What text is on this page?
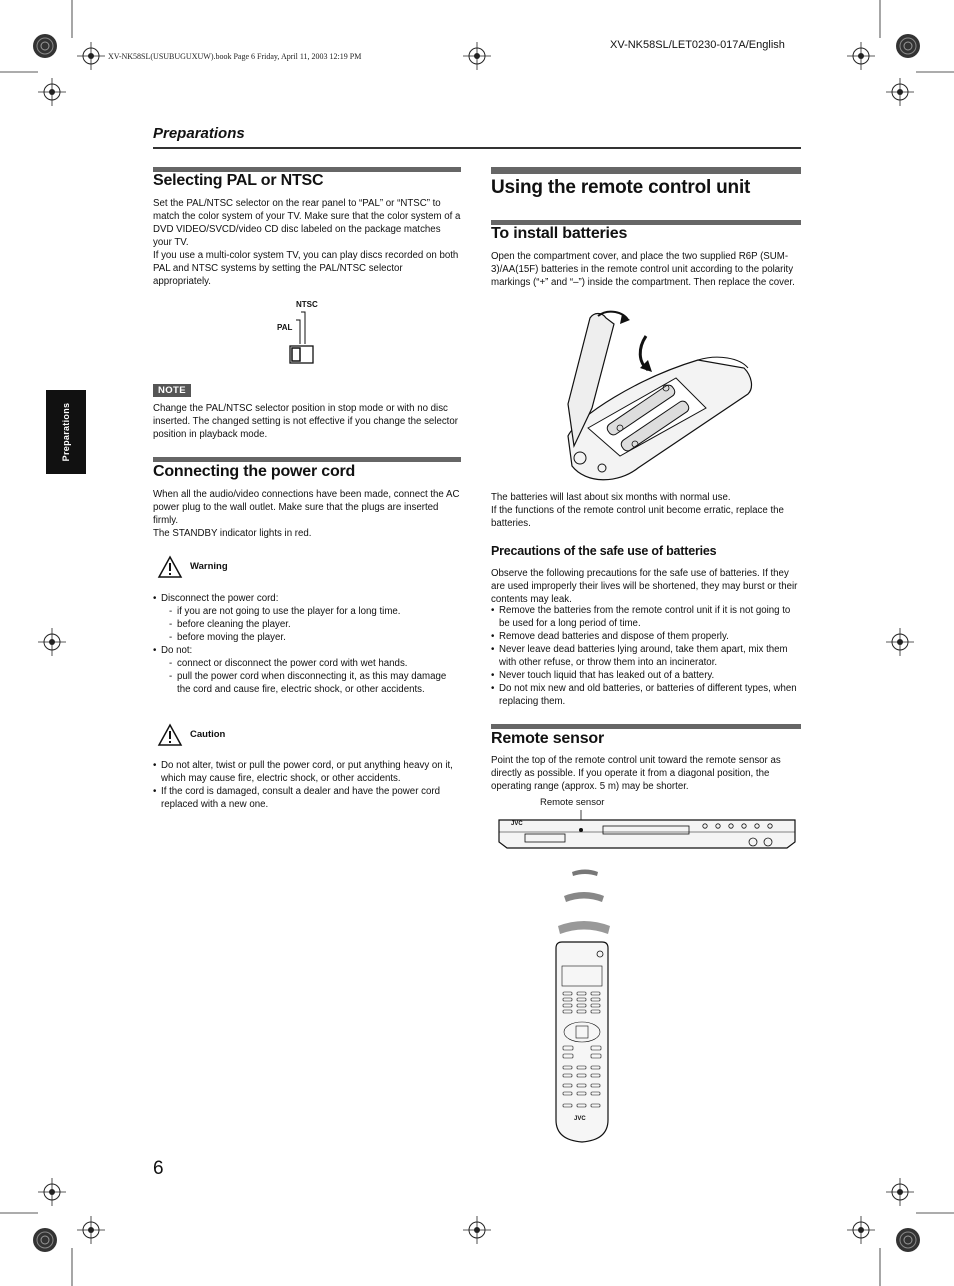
XV-NK58SL(USUBUGUXUW).book Page 6 Friday, April 11, 2003 12:19 PM
XV-NK58SL/LET0230-017A/English
Preparations
Preparations
Selecting PAL or NTSC

Set the PAL/NTSC selector on the rear panel to “PAL” or “NTSC” to match the color system of your TV. Make sure that the color system of a DVD VIDEO/SVCD/video CD disc labeled on the package matches your TV.

If you use a multi-color system TV, you can play discs recorded on both PAL and NTSC systems by setting the PAL/NTSC selector appropriately.

NTSC
PAL
NOTE

Change the PAL/NTSC selector position in stop mode or with no disc inserted. The changed setting is not effective if you change the selector position in playback mode.

Connecting the power cord

When all the audio/video connections have been made, connect the AC power plug to the wall outlet. Make sure that the plugs are inserted firmly.

The STANDBY indicator lights in red.

Warning
• Disconnect the power cord:
- if you are not going to use the player for a long time.
- before cleaning the player.
- before moving the player.
• Do not:
- connect or disconnect the power cord with wet hands.
- pull the power cord when disconnecting it, as this may damage the cord and cause fire, electric shock, or other accidents.
Caution
• Do not alter, twist or pull the power cord, or put anything heavy on it, which may cause fire, electric shock, or other accidents.
• If the cord is damaged, consult a dealer and have the power cord replaced with a new one.
Using the remote control unit
To install batteries

Open the compartment cover, and place the two supplied R6P (SUM-3)/AA(15F) batteries in the remote control unit according to the polarity markings (“+” and “–”) inside the compartment. Then replace the cover.

The batteries will last about six months with normal use.

If the functions of the remote control unit become erratic, replace the batteries.

Precautions of the safe use of batteries

Observe the following precautions for the safe use of batteries. If they are used improperly their lives will be shortened, they may burst or their contents may leak.

• Remove the batteries from the remote control unit if it is not going to be used for a long period of time.
• Remove dead batteries and dispose of them properly.
• Never leave dead batteries lying around, take them apart, mix them with other refuse, or throw them into an incinerator.
• Never touch liquid that has leaked out of a battery.
• Do not mix new and old batteries, or batteries of different types, when replacing them.
Remote sensor

Point the top of the remote control unit toward the remote sensor as directly as possible. If you operate it from a diagonal position, the operating range (approx. 5 m) may be shorter.

Remote sensor
JVC
JVC
6
